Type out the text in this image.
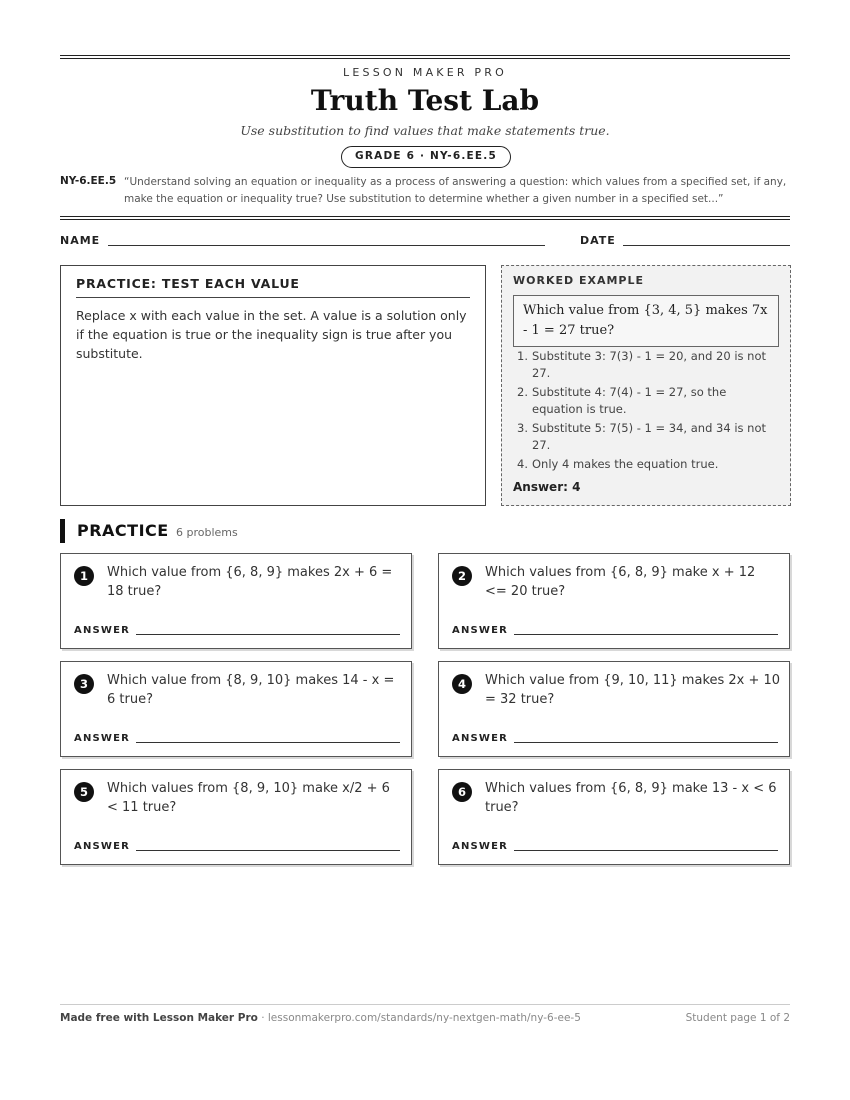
LESSON MAKER PRO
Truth Test Lab
Use substitution to find values that make statements true.
GRADE 6 · NY-6.EE.5
NY-6.EE.5 “Understand solving an equation or inequality as a process of answering a question: which values from a specified set, if any, make the equation or inequality true? Use substitution to determine whether a given number in a specified set...”
NAME	DATE
PRACTICE: TEST EACH VALUE
Replace x with each value in the set. A value is a solution only if the equation is true or the inequality sign is true after you substitute.
WORKED EXAMPLE
Which value from {3, 4, 5} makes 7x - 1 = 27 true?
1. Substitute 3: 7(3) - 1 = 20, and 20 is not 27.
2. Substitute 4: 7(4) - 1 = 27, so the equation is true.
3. Substitute 5: 7(5) - 1 = 34, and 34 is not 27.
4. Only 4 makes the equation true.
Answer: 4
PRACTICE 6 problems
1	Which value from {6, 8, 9} makes 2x + 6 = 18 true?
ANSWER
2	Which values from {6, 8, 9} make x + 12 <= 20 true?
ANSWER
3	Which value from {8, 9, 10} makes 14 - x = 6 true?
ANSWER
4	Which value from {9, 10, 11} makes 2x + 10 = 32 true?
ANSWER
5	Which values from {8, 9, 10} make x/2 + 6 < 11 true?
ANSWER
6	Which values from {6, 8, 9} make 13 - x < 6 true?
ANSWER
Made free with Lesson Maker Pro · lessonmakerpro.com/standards/ny-nextgen-math/ny-6-ee-5	Student page 1 of 2
